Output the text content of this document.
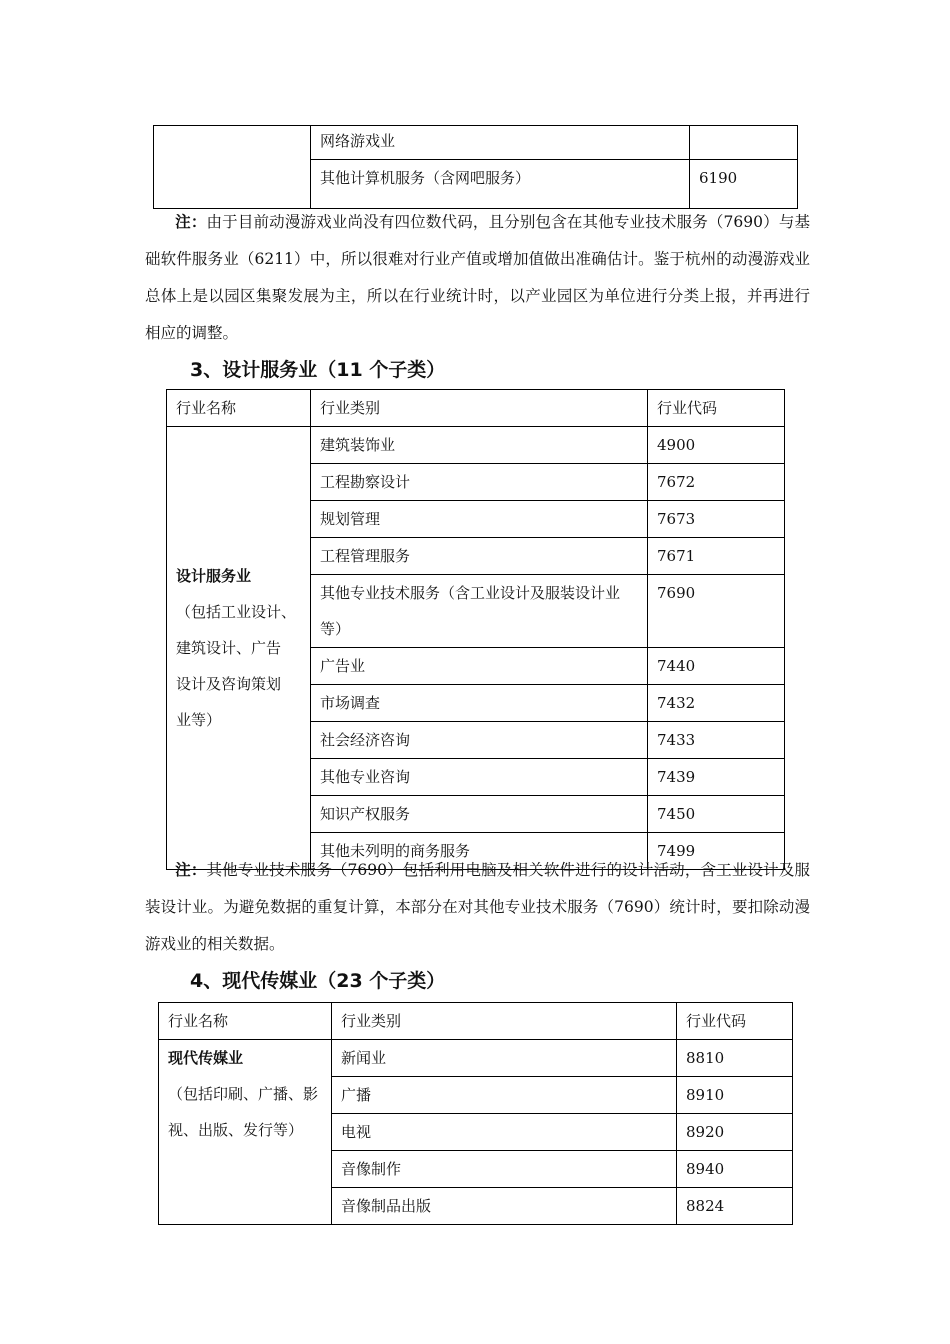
	网络游戏业	
	其他计算机服务（含网吧服务）	6190
注：由于目前动漫游戏业尚没有四位数代码，且分别包含在其他专业技术服务（7690）与基础软件服务业（6211）中，所以很难对行业产值或增加值做出准确估计。鉴于杭州的动漫游戏业总体上是以园区集聚发展为主，所以在行业统计时，以产业园区为单位进行分类上报，并再进行相应的调整。
3、设计服务业（11 个子类）
行业名称	行业类别	行业代码

设计服务业
（包括工业设计、
建筑设计、广告
设计及咨询策划
业等）	建筑装饰业	4900
	工程勘察设计	7672
	规划管理	7673
	工程管理服务	7671
	其他专业技术服务（含工业设计及服装设计业等）	7690
	广告业	7440
	市场调查	7432
	社会经济咨询	7433
	其他专业咨询	7439
	知识产权服务	7450
	其他未列明的商务服务	7499
注：其他专业技术服务（7690）包括利用电脑及相关软件进行的设计活动，含工业设计及服装设计业。为避免数据的重复计算，本部分在对其他专业技术服务（7690）统计时，要扣除动漫游戏业的相关数据。
4、现代传媒业（23 个子类）
行业名称	行业类别	行业代码

现代传媒业
（包括印刷、广播、影
视、出版、发行等）	新闻业	8810
	广播	8910
	电视	8920
	音像制作	8940
	音像制品出版	8824
